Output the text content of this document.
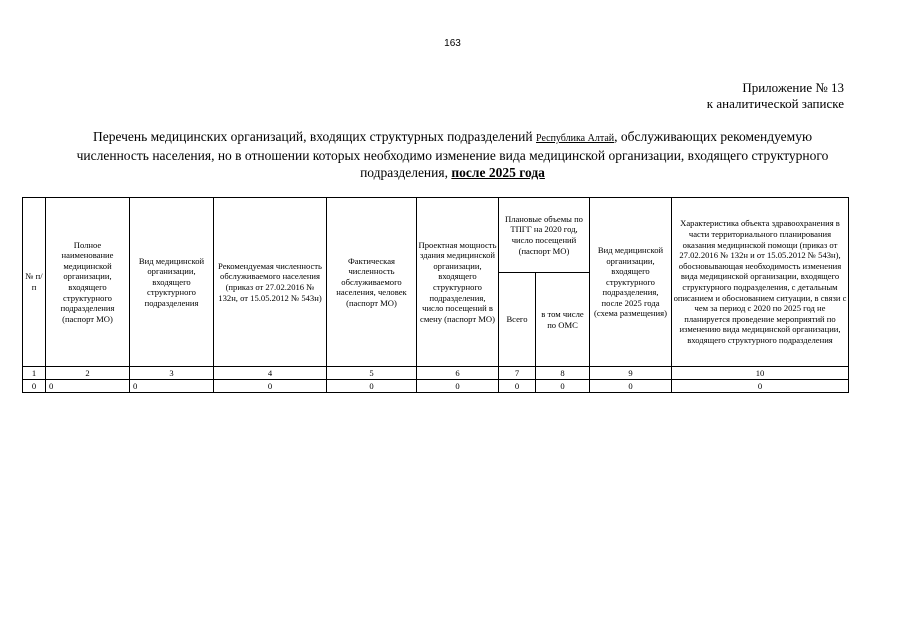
163
Приложение № 13
к аналитической записке
Перечень медицинских организаций, входящих структурных подразделений Республика Алтай, обслуживающих рекомендуемую численность населения, но в отношении которых необходимо изменение вида медицинской организации, входящего структурного подразделения, после 2025 года
№ п/п	Полное наименование медицинской организации, входящего структурного подразделения (паспорт МО)	Вид медицинской организации, входящего структурного подразделения	Рекомендуемая численность обслуживаемого населения (приказ от 27.02.2016 № 132н, от 15.05.2012 № 543н)	Фактическая численность обслуживаемого населения, человек (паспорт МО)	Проектная мощность здания медицинской организации, входящего структурного подразделения, число посещений в смену (паспорт МО)	Плановые объемы по ТПГГ на 2020 год, число посещений (паспорт МО)		Вид медицинской организации, входящего структурного подразделения, после 2025 года (схема размещения)	Характеристика объекта здравоохранения в части территориального планирования оказания медицинской помощи (приказ от 27.02.2016 № 132н и от 15.05.2012 № 543н), обосновывающая необходимость изменения вида медицинской организации, входящего структурного подразделения, с детальным описанием и обоснованием ситуации, в связи с чем за период с 2020 по 2025 год не планируется проведение мероприятий по изменению вида медицинской организации, входящего структурного подразделения
						Всего	в том числе по ОМС		
1	2	3	4	5	6	7	8	9	10
0	0	0	0	0	0	0	0	0	0
